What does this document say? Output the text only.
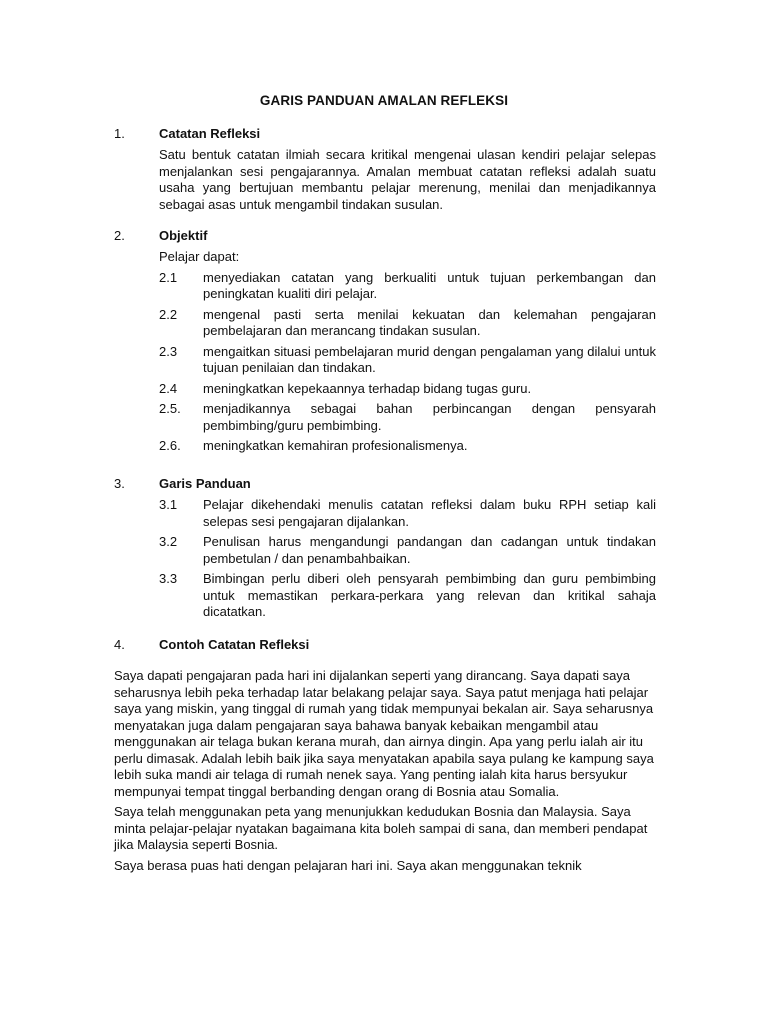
GARIS PANDUAN AMALAN REFLEKSI
1.	Catatan Refleksi
Satu bentuk catatan ilmiah secara kritikal mengenai ulasan kendiri pelajar selepas menjalankan sesi pengajarannya. Amalan membuat catatan refleksi adalah suatu usaha yang bertujuan membantu pelajar merenung, menilai dan menjadikannya sebagai asas untuk mengambil tindakan susulan.
2.	Objektif
Pelajar dapat:
2.1 menyediakan catatan yang berkualiti untuk tujuan perkembangan dan peningkatan kualiti diri pelajar.
2.2 mengenal pasti serta menilai kekuatan dan kelemahan pengajaran pembelajaran dan merancang tindakan susulan.
2.3 mengaitkan situasi pembelajaran murid dengan pengalaman yang dilalui untuk tujuan penilaian dan tindakan.
2.4 meningkatkan kepekaannya terhadap bidang tugas guru.
2.5. menjadikannya sebagai bahan perbincangan dengan pensyarah pembimbing/guru pembimbing.
2.6. meningkatkan kemahiran profesionalismenya.
3.	Garis Panduan
3.1 Pelajar dikehendaki menulis catatan refleksi dalam buku RPH setiap kali selepas sesi pengajaran dijalankan.
3.2 Penulisan harus mengandungi pandangan dan cadangan untuk tindakan pembetulan / dan penambahbaikan.
3.3 Bimbingan perlu diberi oleh pensyarah pembimbing dan guru pembimbing untuk memastikan perkara-perkara yang relevan dan kritikal sahaja dicatatkan.
4.	Contoh Catatan Refleksi

Saya dapati pengajaran pada hari ini dijalankan seperti yang dirancang. Saya dapati saya seharusnya lebih peka terhadap latar belakang pelajar saya. Saya patut menjaga hati pelajar saya yang miskin, yang tinggal di rumah yang tidak mempunyai bekalan air. Saya seharusnya menyatakan juga dalam pengajaran saya bahawa banyak kebaikan mengambil atau menggunakan air telaga bukan kerana murah, dan airnya dingin. Apa yang perlu ialah air itu perlu dimasak. Adalah lebih baik jika saya menyatakan apabila saya pulang ke kampung saya lebih suka mandi air telaga di rumah nenek saya. Yang penting ialah kita harus bersyukur mempunyai tempat tinggal berbanding dengan orang di Bosnia atau Somalia.

Saya telah menggunakan peta yang menunjukkan kedudukan Bosnia dan Malaysia. Saya minta pelajar-pelajar nyatakan bagaimana kita boleh sampai di sana, dan memberi pendapat jika Malaysia seperti Bosnia.

Saya berasa puas hati dengan pelajaran hari ini. Saya akan menggunakan teknik
